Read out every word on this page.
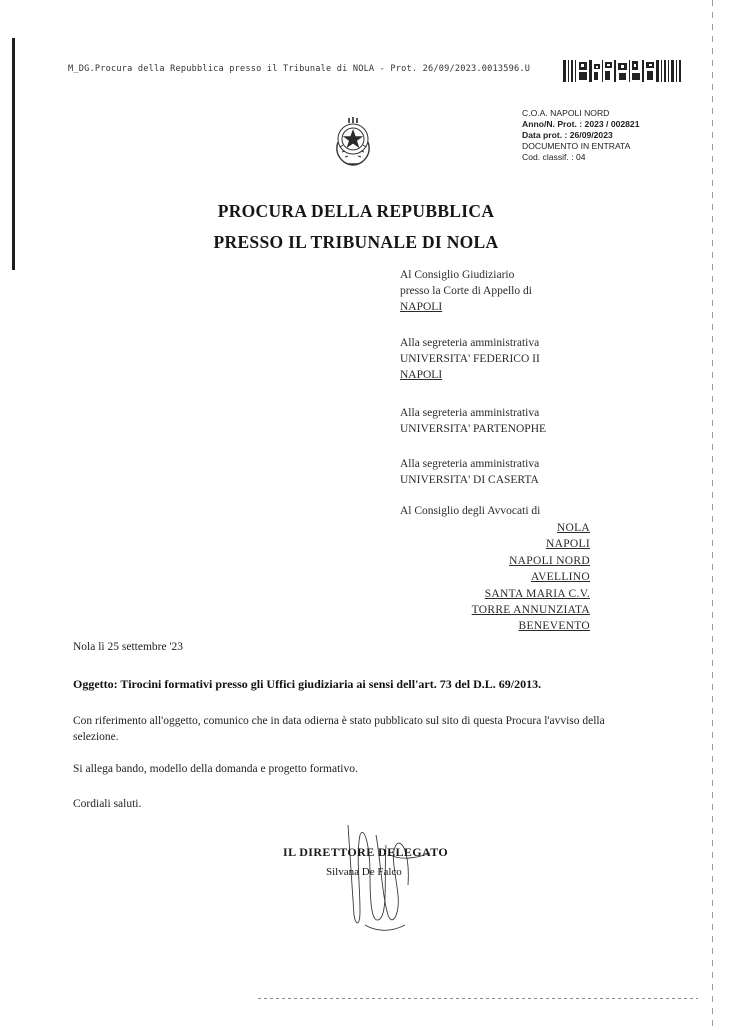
M_DG.Procura della Repubblica presso il Tribunale di NOLA - Prot. 26/09/2023.0013596.U
C.O.A. NAPOLI NORD
Anno/N. Prot. : 2023 / 002821
Data prot. : 26/09/2023
DOCUMENTO IN ENTRATA
Cod. classif. : 04
PROCURA DELLA REPUBBLICA
PRESSO IL TRIBUNALE DI NOLA
Al Consiglio Giudiziario
presso la Corte di Appello di
NAPOLI
Alla segreteria amministrativa
UNIVERSITA' FEDERICO II
NAPOLI
Alla segreteria amministrativa
UNIVERSITA' PARTENOPHE
Alla segreteria amministrativa
UNIVERSITA' DI CASERTA
Al Consiglio degli Avvocati di
NOLA
NAPOLI
NAPOLI NORD
AVELLINO
SANTA MARIA C.V.
TORRE ANNUNZIATA
BENEVENTO
Nola lì 25 settembre '23
Oggetto: Tirocini formativi presso gli Uffici giudiziaria ai sensi dell'art. 73 del D.L. 69/2013.
Con riferimento all'oggetto, comunico che in data odierna è stato pubblicato sul sito di questa Procura l'avviso della selezione.
Si allega bando, modello della domanda e progetto formativo.
Cordiali saluti.
IL DIRETTORE DELEGATO
Silvana De Falco
